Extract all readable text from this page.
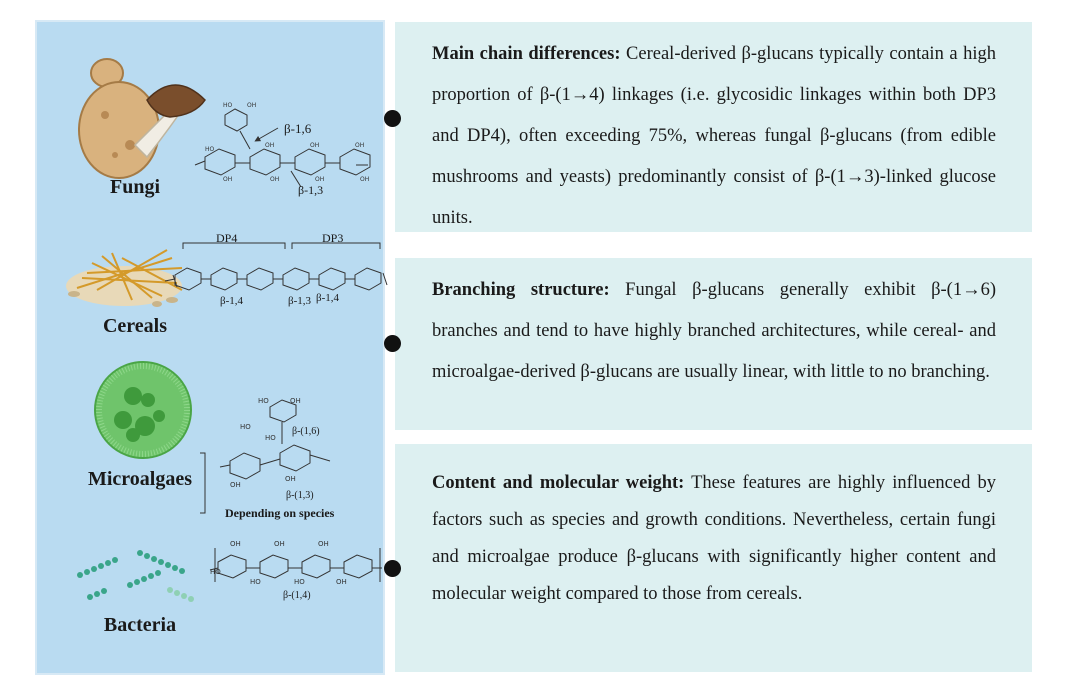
Fungi
HO OH
HO
OH
OH
OH
OH
OH
OH
OH
β-1,6
β-1,3
Cereals
DP4	DP3
β-1,4	β-1,3 β-1,4
Microalgaes
HO	OH
HO
HO
OH
OH
β-(1,6)
β-(1,3)
Depending on species
Bacteria
OH	OH	OH
HO
HO	HO	OH
β-(1,4)

Main chain differences: Cereal-derived β-glucans typically contain a high proportion of β-(1→4) linkages (i.e. glycosidic linkages within both DP3 and DP4), often exceeding 75%, whereas fungal β-glucans (from edible mushrooms and yeasts) predominantly consist of β-(1→3)-linked glucose units.

Branching structure: Fungal β-glucans generally exhibit β-(1→6) branches and tend to have highly branched architectures, while cereal- and microalgae-derived β-glucans are usually linear, with little to no branching.

Content and molecular weight: These features are highly influenced by factors such as species and growth conditions. Nevertheless, certain fungi and microalgae produce β-glucans with significantly higher content and molecular weight compared to those from cereals.
